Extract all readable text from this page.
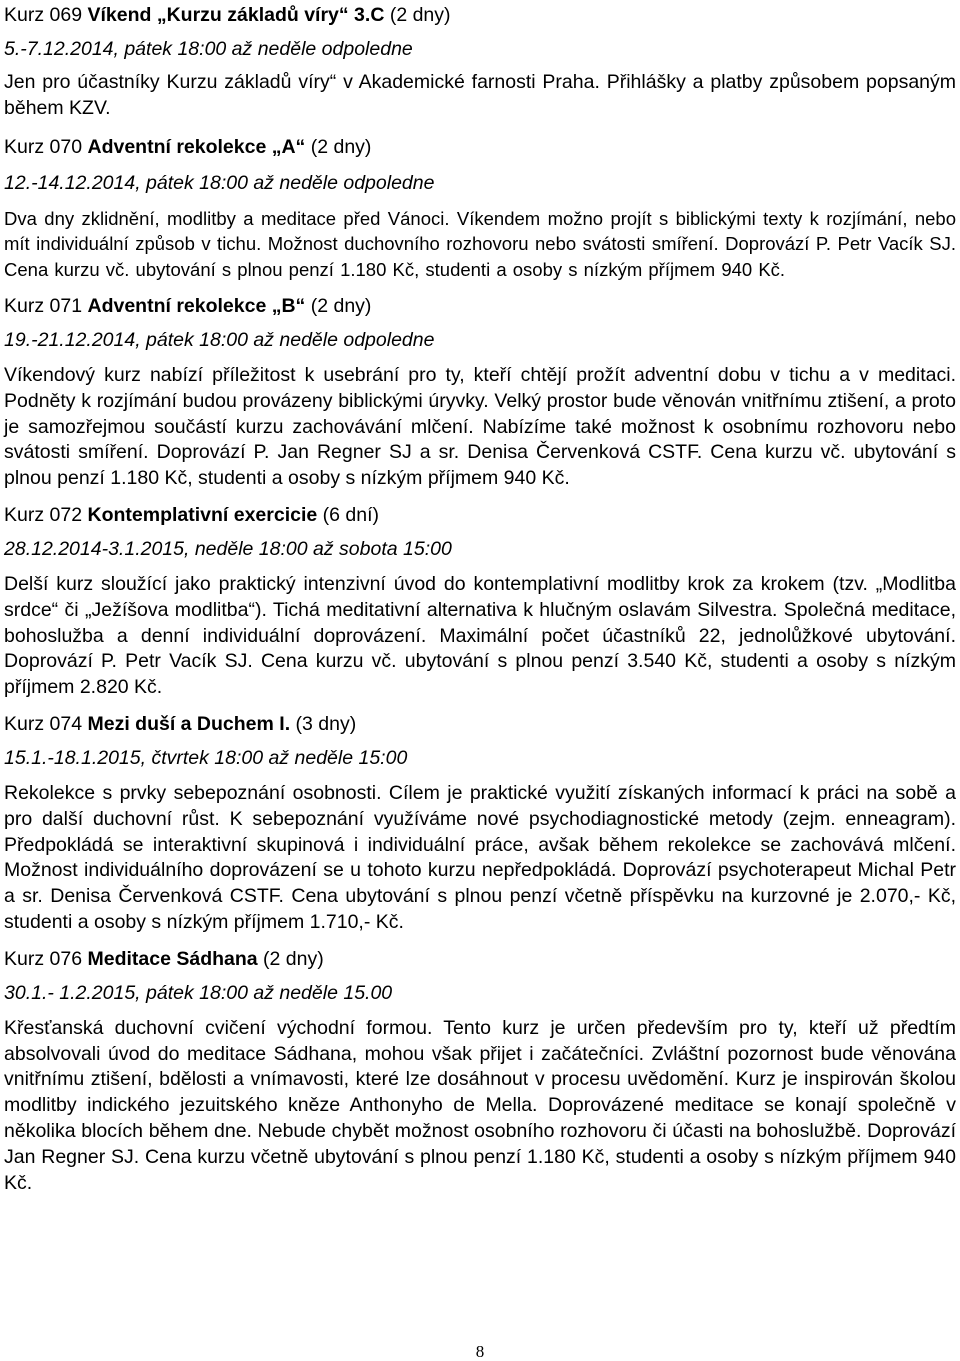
Kurz 069 Víkend „Kurzu základů víry“ 3.C (2 dny)
5.-7.12.2014, pátek 18:00 až neděle odpoledne

Jen pro účastníky Kurzu základů víry“ v Akademické farnosti Praha. Přihlášky a platby způsobem popsaným během KZV.

Kurz 070 Adventní rekolekce „A“ (2 dny)
12.-14.12.2014, pátek 18:00 až neděle odpoledne

Dva dny zklidnění, modlitby a meditace před Vánoci. Víkendem možno projít s biblickými texty k rozjímání, nebo mít individuální způsob v tichu. Možnost duchovního rozhovoru nebo svátosti smíření. Doprovází P. Petr Vacík SJ. Cena kurzu vč. ubytování s plnou penzí 1.180 Kč, studenti a osoby s nízkým příjmem 940 Kč.

Kurz 071 Adventní rekolekce „B“ (2 dny)
19.-21.12.2014, pátek 18:00 až neděle odpoledne

Víkendový kurz nabízí příležitost k usebrání pro ty, kteří chtějí prožít adventní dobu v tichu a v meditaci. Podněty k rozjímání budou provázeny biblickými úryvky. Velký prostor bude věnován vnitřnímu ztišení, a proto je samozřejmou součástí kurzu zachovávání mlčení. Nabízíme také možnost k osobnímu rozhovoru nebo svátosti smíření. Doprovází P. Jan Regner SJ a sr. Denisa Červenková CSTF. Cena kurzu vč. ubytování s plnou penzí 1.180 Kč, studenti a osoby s nízkým příjmem 940 Kč.

Kurz 072 Kontemplativní exercicie (6 dní)
28.12.2014-3.1.2015, neděle 18:00 až sobota 15:00

Delší kurz sloužící jako praktický intenzivní úvod do kontemplativní modlitby krok za krokem (tzv. „Modlitba srdce“ či „Ježíšova modlitba“). Tichá meditativní alternativa k hlučným oslavám Silvestra. Společná meditace, bohoslužba a denní individuální doprovázení. Maximální počet účastníků 22, jednolůžkové ubytování. Doprovází P. Petr Vacík SJ. Cena kurzu vč. ubytování s plnou penzí 3.540 Kč, studenti a osoby s nízkým příjmem 2.820 Kč.

Kurz 074 Mezi duší a Duchem I. (3 dny)
15.1.-18.1.2015, čtvrtek 18:00 až neděle 15:00

Rekolekce s prvky sebepoznání osobnosti. Cílem je praktické využití získaných informací k práci na sobě a pro další duchovní růst. K sebepoznání využíváme nové psychodiagnostické metody (zejm. enneagram). Předpokládá se interaktivní skupinová i individuální práce, avšak během rekolekce se zachovává mlčení. Možnost individuálního doprovázení se u tohoto kurzu nepředpokládá. Doprovází psychoterapeut Michal Petr a sr. Denisa Červenková CSTF. Cena ubytování s plnou penzí včetně příspěvku na kurzovné je 2.070,- Kč, studenti a osoby s nízkým příjmem 1.710,- Kč.

Kurz 076 Meditace Sádhana (2 dny)
30.1.- 1.2.2015, pátek 18:00 až neděle 15.00

Křesťanská duchovní cvičení východní formou. Tento kurz je určen především pro ty, kteří už předtím absolvovali úvod do meditace Sádhana, mohou však přijet i začátečníci. Zvláštní pozornost bude věnována vnitřnímu ztišení, bdělosti a vnímavosti, které lze dosáhnout v procesu uvědomění. Kurz je inspirován školou modlitby indického jezuitského kněze Anthonyho de Mella. Doprovázené meditace se konají společně v několika blocích během dne. Nebude chybět možnost osobního rozhovoru či účasti na bohoslužbě. Doprovází Jan Regner SJ. Cena kurzu včetně ubytování s plnou penzí 1.180 Kč, studenti a osoby s nízkým příjmem 940 Kč.

8
